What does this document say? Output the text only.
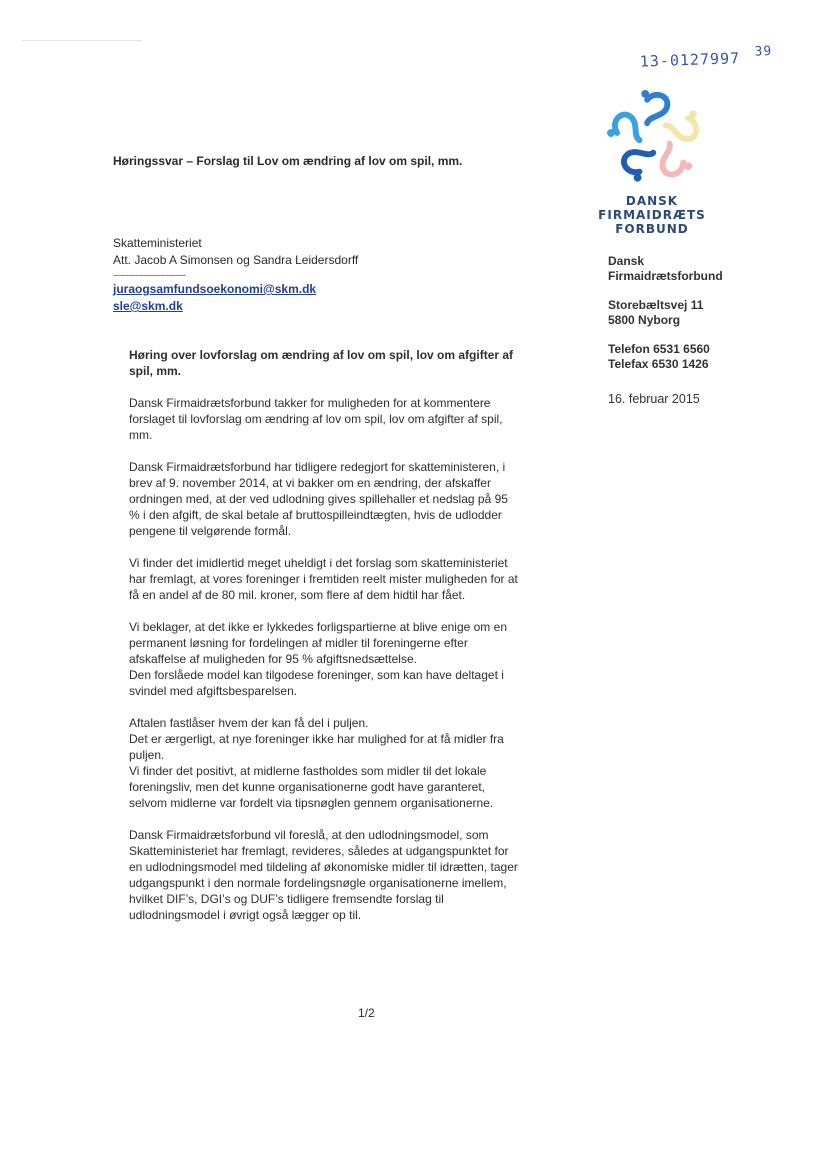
13-0127997 39
DANSK
FIRMAIDRÆTS
FORBUND
Høringssvar – Forslag til Lov om ændring af lov om spil, mm.
Skatteministeriet
Att. Jacob A Simonsen og Sandra Leidersdorff
-----------------------------
juraogsamfundsoekonomi@skm.dk
sle@skm.dk
Dansk
Firmaidrætsforbund
Storebæltsvej 11
5800 Nyborg
Telefon 6531 6560
Telefax 6530 1426
16. februar 2015
Høring over lovforslag om ændring af lov om spil, lov om afgifter af spil, mm.

Dansk Firmaidrætsforbund takker for muligheden for at kommentere forslaget til lovforslag om ændring af lov om spil, lov om afgifter af spil, mm.

Dansk Firmaidrætsforbund har tidligere redegjort for skatteministeren, i brev af 9. november 2014, at vi bakker om en ændring, der afskaffer ordningen med, at der ved udlodning gives spillehaller et nedslag på 95 % i den afgift, de skal betale af bruttospilleindtægten, hvis de udlodder pengene til velgørende formål.

Vi finder det imidlertid meget uheldigt i det forslag som skatteministeriet har fremlagt, at vores foreninger i fremtiden reelt mister muligheden for at få en andel af de 80 mil. kroner, som flere af dem hidtil har fået.

Vi beklager, at det ikke er lykkedes forligspartierne at blive enige om en permanent løsning for fordelingen af midler til foreningerne efter afskaffelse af muligheden for 95 % afgiftsnedsættelse.

Den forslåede model kan tilgodese foreninger, som kan have deltaget i svindel med afgiftsbesparelsen.

Aftalen fastlåser hvem der kan få del i puljen.

Det er ærgerligt, at nye foreninger ikke har mulighed for at få midler fra puljen.

Vi finder det positivt, at midlerne fastholdes som midler til det lokale foreningsliv, men det kunne organisationerne godt have garanteret, selvom midlerne var fordelt via tipsnøglen gennem organisationerne.

Dansk Firmaidrætsforbund vil foreslå, at den udlodningsmodel, som Skatteministeriet har fremlagt, revideres, således at udgangspunktet for en udlodningsmodel med tildeling af økonomiske midler til idrætten, tager udgangspunkt i den normale fordelingsnøgle organisationerne imellem, hvilket DIF’s, DGI’s og DUF’s tidligere fremsendte forslag til udlodningsmodel i øvrigt også lægger op til.

1/2
